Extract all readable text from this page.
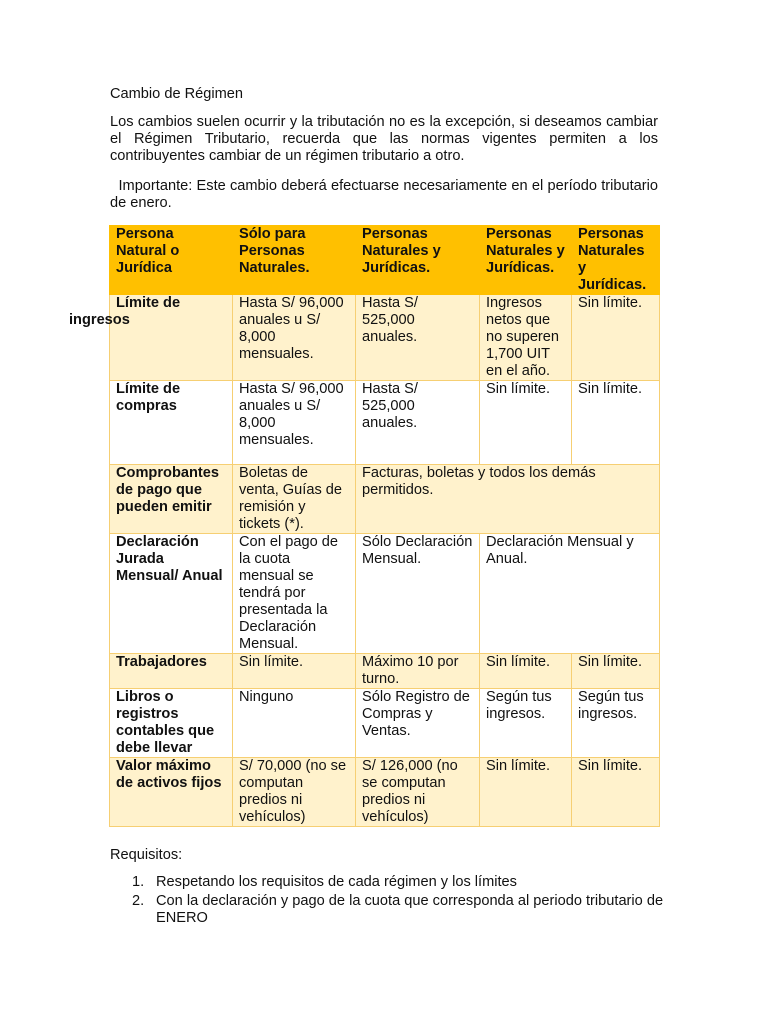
Cambio de Régimen
Los cambios suelen ocurrir y la tributación no es la excepción, si deseamos cambiar el Régimen Tributario, recuerda que las normas vigentes permiten a los contribuyentes cambiar de un régimen tributario a otro.
Importante: Este cambio deberá efectuarse necesariamente en el período tributario de enero.
Persona Natural o Jurídica	Sólo para Personas Naturales.	Personas Naturales y Jurídicas.	Personas Naturales y Jurídicas.	Personas Naturales y Jurídicas.
Límite de
ingresos	Hasta S/ 96,000 anuales u S/ 8,000 mensuales.	Hasta S/ 525,000 anuales.	Ingresos netos que no superen 1,700 UIT en el año.	Sin límite.
Límite de compras	Hasta S/ 96,000 anuales u S/ 8,000 mensuales.	Hasta S/ 525,000 anuales.	Sin límite.	Sin límite.
Comprobantes de pago que pueden emitir	Boletas de venta, Guías de remisión y tickets (*).	Facturas, boletas y todos los demás permitidos.		
Declaración Jurada Mensual/ Anual	Con el pago de la cuota mensual se tendrá por presentada la Declaración Mensual.	Sólo Declaración Mensual.	Declaración Mensual y Anual.	
Trabajadores	Sin límite.	Máximo 10 por turno.	Sin límite.	Sin límite.
Libros o registros contables que debe llevar	Ninguno	Sólo Registro de Compras y Ventas.	Según tus ingresos.	Según tus ingresos.
Valor máximo de activos fijos	S/ 70,000 (no se computan predios ni vehículos)	S/ 126,000 (no se computan predios ni vehículos)	Sin límite.	Sin límite.
Requisitos:
1. Respetando los requisitos de cada régimen y los límites
2. Con la declaración y pago de la cuota que corresponda al periodo tributario de ENERO
